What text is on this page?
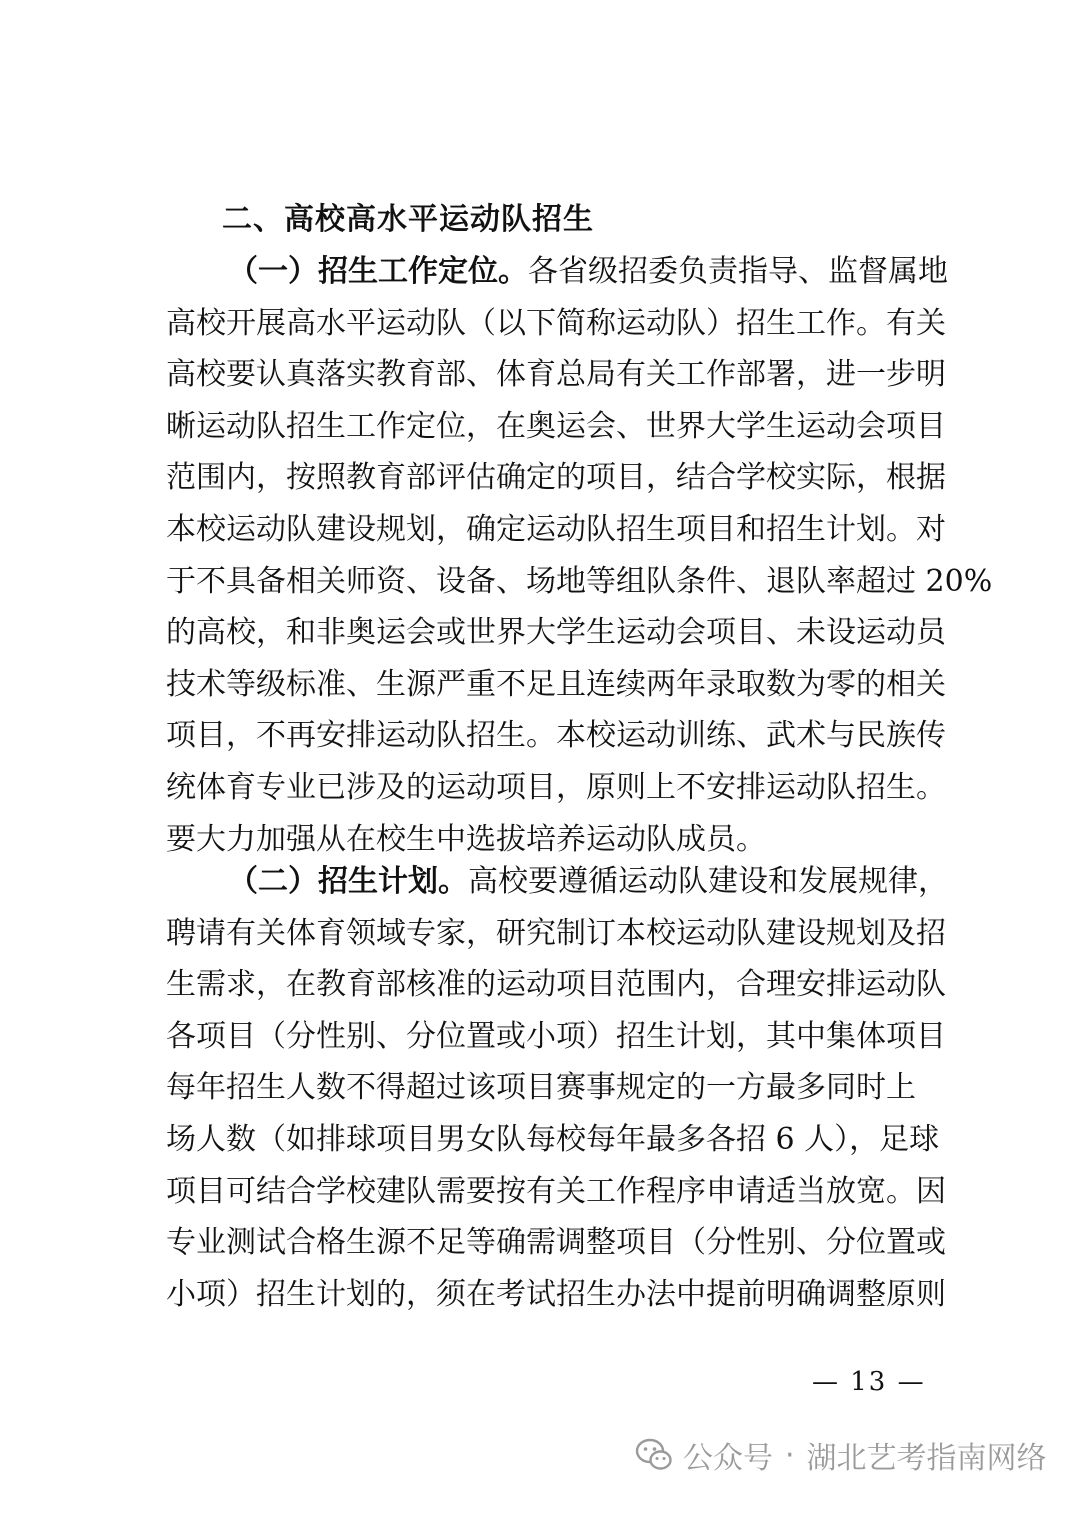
二、高校高水平运动队招生
（一）招生工作定位。各省级招委负责指导、监督属地
高校开展高水平运动队（以下简称运动队）招生工作。有关
高校要认真落实教育部、体育总局有关工作部署，进一步明
晰运动队招生工作定位，在奥运会、世界大学生运动会项目
范围内，按照教育部评估确定的项目，结合学校实际，根据
本校运动队建设规划，确定运动队招生项目和招生计划。对
于不具备相关师资、设备、场地等组队条件、退队率超过 20%
的高校，和非奥运会或世界大学生运动会项目、未设运动员
技术等级标准、生源严重不足且连续两年录取数为零的相关
项目，不再安排运动队招生。本校运动训练、武术与民族传
统体育专业已涉及的运动项目，原则上不安排运动队招生。
要大力加强从在校生中选拔培养运动队成员。
（二）招生计划。高校要遵循运动队建设和发展规律，
聘请有关体育领域专家，研究制订本校运动队建设规划及招
生需求，在教育部核准的运动项目范围内，合理安排运动队
各项目（分性别、分位置或小项）招生计划，其中集体项目
每年招生人数不得超过该项目赛事规定的一方最多同时上
场人数（如排球项目男女队每校每年最多各招 6 人），足球
项目可结合学校建队需要按有关工作程序申请适当放宽。因
专业测试合格生源不足等确需调整项目（分性别、分位置或
小项）招生计划的，须在考试招生办法中提前明确调整原则
— 13 —
公众号 · 湖北艺考指南网络
